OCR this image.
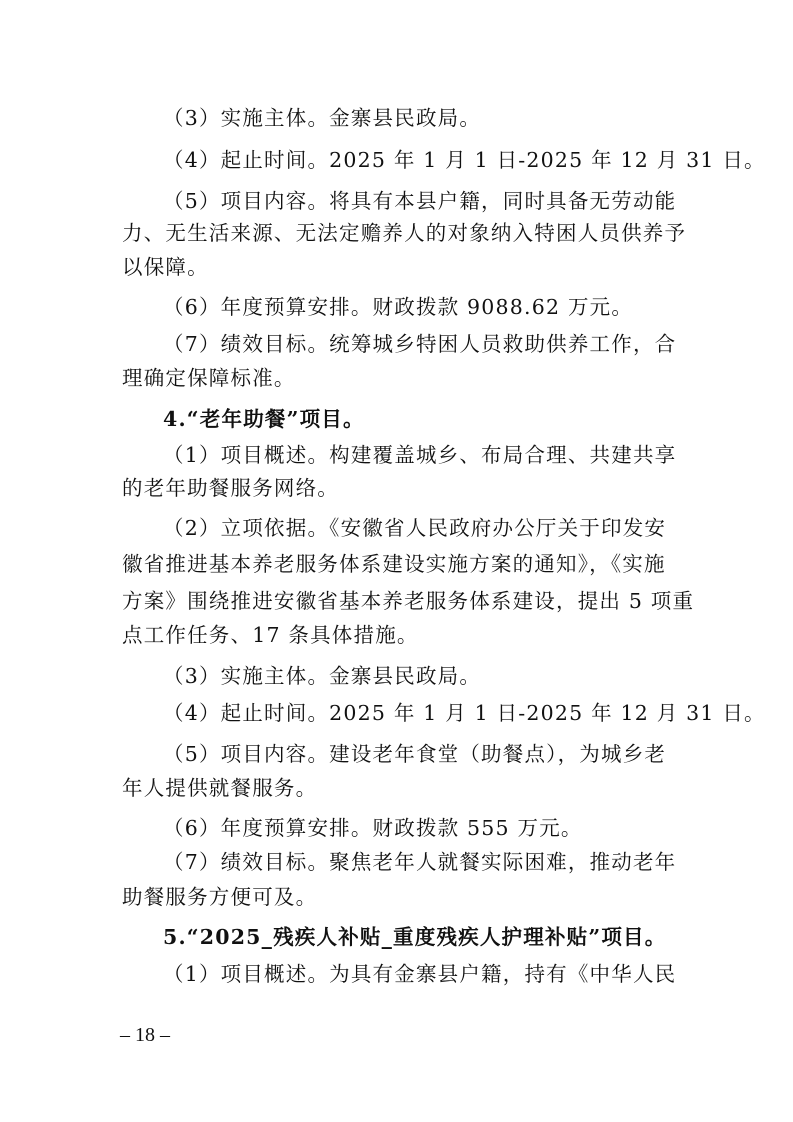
（3）实施主体。金寨县民政局。
（4）起止时间。2025 年 1 月 1 日-2025 年 12 月 31 日。
（5）项目内容。将具有本县户籍，同时具备无劳动能
力、无生活来源、无法定赡养人的对象纳入特困人员供养予
以保障。
（6）年度预算安排。财政拨款 9088.62 万元。
（7）绩效目标。统筹城乡特困人员救助供养工作，合
理确定保障标准。
4.“老年助餐”项目。
（1）项目概述。构建覆盖城乡、布局合理、共建共享
的老年助餐服务网络。
（2）立项依据。《安徽省人民政府办公厅关于印发安
徽省推进基本养老服务体系建设实施方案的通知》，《实施
方案》围绕推进安徽省基本养老服务体系建设，提出 5 项重
点工作任务、17 条具体措施。
（3）实施主体。金寨县民政局。
（4）起止时间。2025 年 1 月 1 日-2025 年 12 月 31 日。
（5）项目内容。建设老年食堂（助餐点），为城乡老
年人提供就餐服务。
（6）年度预算安排。财政拨款 555 万元。
（7）绩效目标。聚焦老年人就餐实际困难，推动老年
助餐服务方便可及。
5.“2025_残疾人补贴_重度残疾人护理补贴”项目。
（1）项目概述。为具有金寨县户籍，持有《中华人民
– 18 –
